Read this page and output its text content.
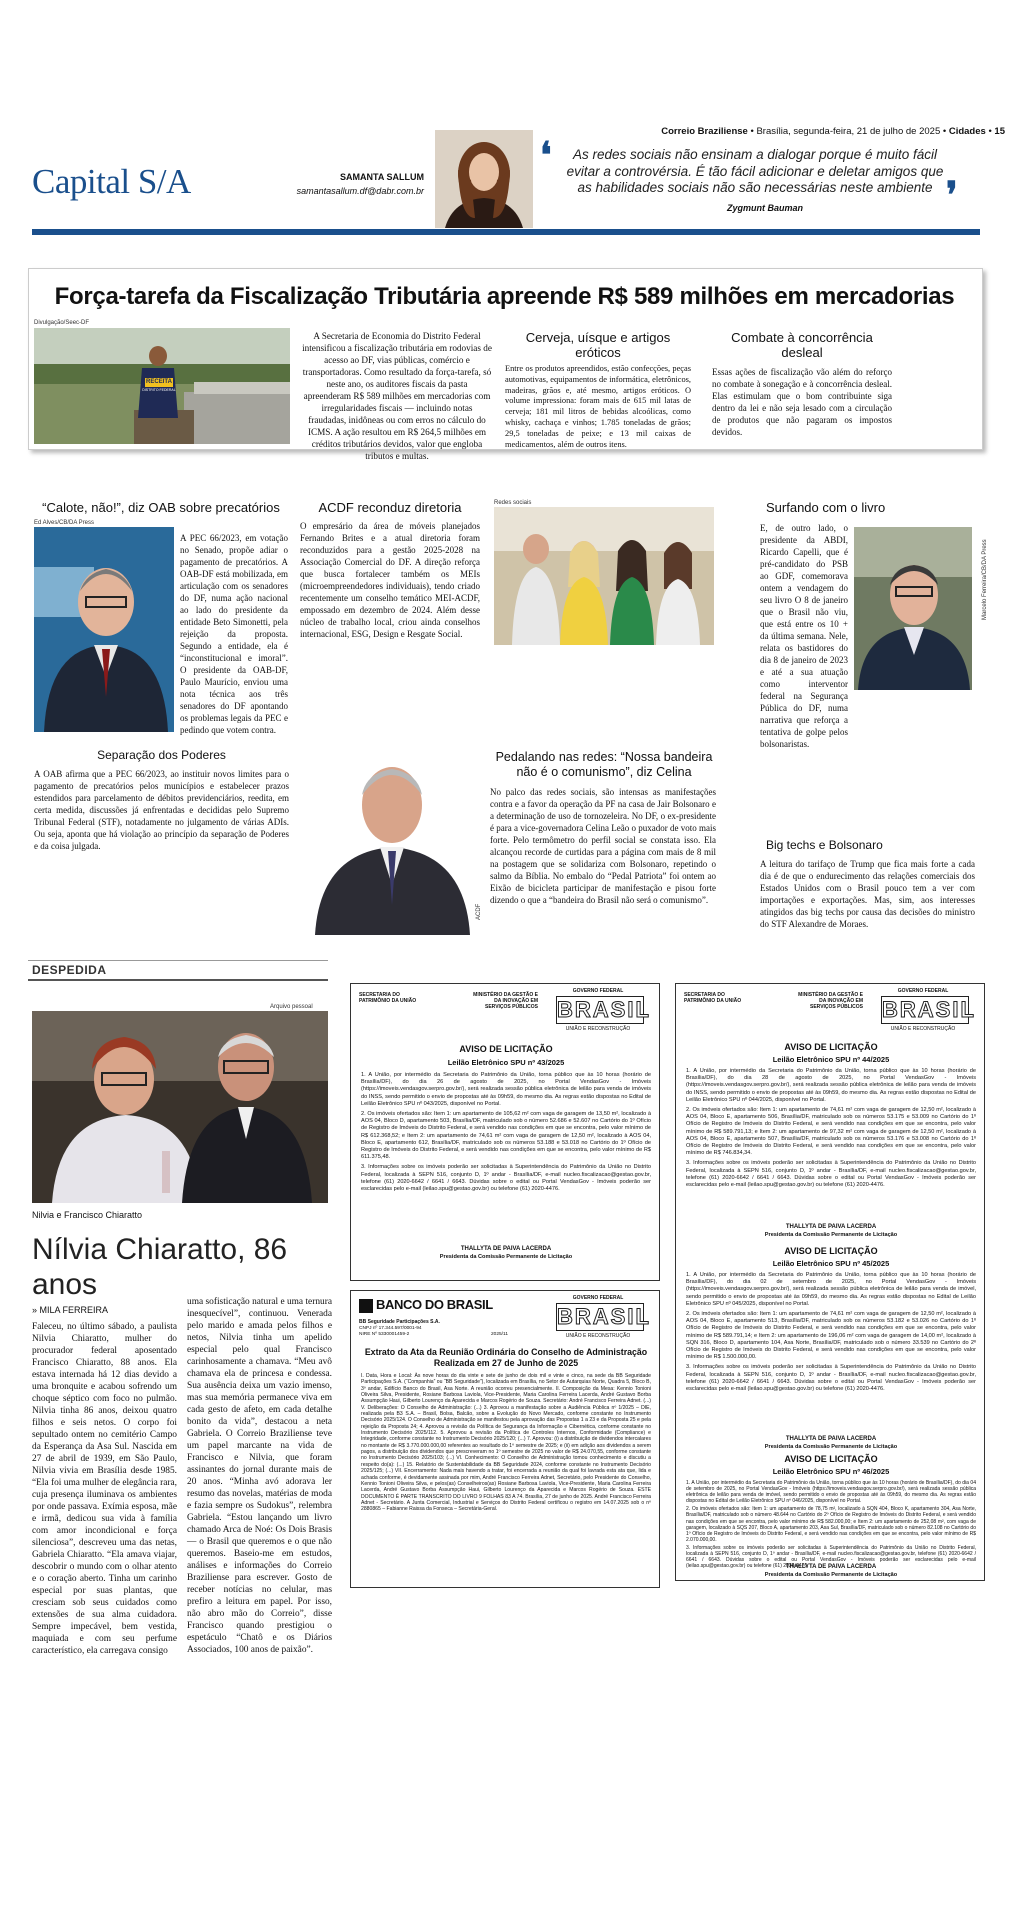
Correio Braziliense • Brasília, segunda-feira, 21 de julho de 2025 • Cidades • 15
Capital S/A	SAMANTA SALLUM
samantasallum.df@dabr.com.br
❛	As redes sociais não ensinam a dialogar porque é muito fácil evitar a controvérsia. É tão fácil adicionar e deletar amigos que as habilidades sociais não são necessárias neste ambiente ❜
Zygmunt Bauman
Força-tarefa da Fiscalização Tributária apreende R$ 589 milhões em mercadorias
Divulgação/Seec-DF
RECEITA
DISTRITO FEDERAL
A Secretaria de Economia do Distrito Federal intensificou a fiscalização tributária em rodovias de acesso ao DF, vias públicas, comércio e transportadoras. Como resultado da força-tarefa, só neste ano, os auditores fiscais da pasta apreenderam R$ 589 milhões em mercadorias com irregularidades fiscais — incluindo notas fraudadas, inidôneas ou com erros no cálculo do ICMS. A ação resultou em R$ 264,5 milhões em créditos tributários devidos, valor que engloba tributos e multas.
Cerveja, uísque e artigos eróticos
Entre os produtos apreendidos, estão confecções, peças automotivas, equipamentos de informática, eletrônicos, madeiras, grãos e, até mesmo, artigos eróticos. O volume impressiona: foram mais de 615 mil latas de cerveja; 181 mil litros de bebidas alcoólicas, como whisky, cachaça e vinhos; 1.785 toneladas de grãos; 29,5 toneladas de peixe; e 13 mil caixas de medicamentos, além de outros itens.
Combate à concorrência desleal
Essas ações de fiscalização vão além do reforço no combate à sonegação e à concorrência desleal. Elas estimulam que o bom contribuinte siga dentro da lei e não seja lesado com a circulação de produtos que não pagaram os impostos devidos.
“Calote, não!”, diz OAB sobre precatórios
Ed Alves/CB/DA Press
A PEC 66/2023, em votação no Senado, propõe adiar o pagamento de precatórios. A OAB-DF está mobilizada, em articulação com os senadores do DF, numa ação nacional ao lado do presidente da entidade Beto Simonetti, pela rejeição da proposta. Segundo a entidade, ela é “inconstitucional e imoral”. O presidente da OAB-DF, Paulo Maurício, enviou uma nota técnica aos três senadores do DF apontando os problemas legais da PEC e pedindo que votem contra.
Separação dos Poderes
A OAB afirma que a PEC 66/2023, ao instituir novos limites para o pagamento de precatórios pelos municípios e estabelecer prazos estendidos para parcelamento de débitos previdenciários, reedita, em certa medida, discussões já enfrentadas e decididas pelo Supremo Tribunal Federal (STF), notadamente no julgamento de várias ADIs. Ou seja, aponta que há violação ao princípio da separação de Poderes e da coisa julgada.
ACDF reconduz diretoria
O empresário da área de móveis planejados Fernando Brites e a atual diretoria foram reconduzidos para a gestão 2025-2028 na Associação Comercial do DF. A direção reforça que busca fortalecer também os MEIs (microempreendedores individuais), tendo criado recentemente um conselho temático MEI-ACDF, empossado em dezembro de 2024. Além desse núcleo de trabalho local, criou ainda conselhos internacional, ESG, Design e Resgate Social.
ACDF
Redes sociais
Pedalando nas redes: “Nossa bandeira não é o comunismo”, diz Celina
No palco das redes sociais, são intensas as manifestações contra e a favor da operação da PF na casa de Jair Bolsonaro e a determinação de uso de tornozeleira. No DF, o ex-presidente é para a vice-governadora Celina Leão o puxador de voto mais forte. Pelo termômetro do perfil social se constata isso. Ela alcançou recorde de curtidas para a página com mais de 8 mil na postagem que se solidariza com Bolsonaro, repetindo o salmo da Bíblia. No embalo do “Pedal Patriota” foi ontem ao Eixão de bicicleta participar de manifestação e pisou forte dizendo o que a “bandeira do Brasil não será o comunismo”.
Surfando com o livro
E, de outro lado, o presidente da ABDI, Ricardo Capelli, que é pré-candidato do PSB ao GDF, comemorava ontem a vendagem do seu livro O 8 de janeiro que o Brasil não viu, que está entre os 10 + da última semana. Nele, relata os bastidores do dia 8 de janeiro de 2023 e até a sua atuação como interventor federal na Segurança Pública do DF, numa narrativa que reforça a tentativa de golpe pelos bolsonaristas.
Marcelo Ferreira/CB/DA Press
Big techs e Bolsonaro
A leitura do tarifaço de Trump que fica mais forte a cada dia é de que o endurecimento das relações comerciais dos Estados Unidos com o Brasil pouco tem a ver com importações e exportações. Mas, sim, aos interesses atingidos das big techs por causa das decisões do ministro do STF Alexandre de Moraes.
DESPEDIDA
Arquivo pessoal
Nilvia e Francisco Chiaratto
Nílvia Chiaratto, 86 anos
» MILA FERREIRA
Faleceu, no último sábado, a paulista Nilvia Chiaratto, mulher do procurador federal aposentado Francisco Chiaratto, 88 anos. Ela estava internada há 12 dias devido a uma bronquite e acabou sofrendo um choque séptico com foco no pulmão. Nilvia tinha 86 anos, deixou quatro filhos e seis netos. O corpo foi sepultado ontem no cemitério Campo da Esperança da Asa Sul. Nascida em 27 de abril de 1939, em São Paulo, Nilvia vivia em Brasília desde 1985. “Ela foi uma mulher de elegância rara, cuja presença iluminava os ambientes por onde passava. Exímia esposa, mãe e irmã, dedicou sua vida à família com amor incondicional e força silenciosa”, descreveu uma das netas, Gabriela Chiaratto. “Ela amava viajar, descobrir o mundo com o olhar atento e o coração aberto. Tinha um carinho especial por suas plantas, que cresciam sob seus cuidados como extensões de sua alma cuidadora. Sempre impecável, bem vestida, maquiada e com seu perfume característico, ela carregava consigo
uma sofisticação natural e uma ternura inesquecível”, continuou. Venerada pelo marido e amada pelos filhos e netos, Nilvia tinha um apelido especial pelo qual Francisco carinhosamente a chamava. “Meu avô chamava ela de princesa e condessa. Sua ausência deixa um vazio imenso, mas sua memória permanece viva em cada gesto de afeto, em cada detalhe bonito da vida”, destacou a neta Gabriela. O Correio Braziliense teve um papel marcante na vida de Francisco e Nilvia, que foram assinantes do jornal durante mais de 20 anos. “Minha avó adorava ler resumo das novelas, matérias de moda e fazia sempre os Sudokus”, relembra Gabriela. “Estou lançando um livro chamado Arca de Noé: Os Dois Brasis — o Brasil que queremos e o que não queremos. Baseio-me em estudos, análises e informações do Correio Braziliense para escrever. Gosto de receber notícias no celular, mas prefiro a leitura em papel. Por isso, não abro mão do Correio”, disse Francisco quando prestigiou o espetáculo “Chatô e os Diários Associados, 100 anos de paixão”.
SECRETARIA DO PATRIMÔNIO DA UNIÃO
MINISTÉRIO DA GESTÃO E DA INOVAÇÃO EM SERVIÇOS PÚBLICOS
GOVERNO FEDERAL
BRASIL
UNIÃO E RECONSTRUÇÃO
AVISO DE LICITAÇÃO
Leilão Eletrônico SPU nº 43/2025

1. A União, por intermédio da Secretaria do Patrimônio da União, torna público que às 10 horas (horário de Brasília/DF), do dia 26 de agosto de 2025, no Portal VendasGov - Imóveis (https://imoveis.vendasgov.serpro.gov.br/), será realizada sessão pública eletrônica de leilão para venda de imóveis do INSS, sendo permitido o envio de propostas até às 09h59, do mesmo dia. As regras estão dispostas no Edital de Leilão Eletrônico SPU nº 043/2025, disponível no Portal.

2. Os imóveis ofertados são: Item 1: um apartamento de 105,62 m² com vaga de garagem de 13,50 m², localizado à AOS 04, Bloco D, apartamento 503, Brasília/DF, matriculado sob o número 52.686 e 52.607 no Cartório do 1º Ofício de Registro de Imóveis do Distrito Federal, e será vendido nas condições em que se encontra, pelo valor mínimo de R$ 612.368,52; e Item 2: um apartamento de 74,61 m² com vaga de garagem de 12,50 m², localizado à AOS 04, Bloco E, apartamento 612, Brasília/DF, matriculado sob os números 53.188 e 53.018 no Cartório do 1º Ofício de Registro de Imóveis do Distrito Federal, e será vendido nas condições em que se encontra, pelo valor mínimo de R$ 611.375,48.

3. Informações sobre os imóveis poderão ser solicitadas à Superintendência do Patrimônio da União no Distrito Federal, localizada à SEPN 516, conjunto D, 1º andar - Brasília/DF, e-mail nucleo.fiscalizacao@gestao.gov.br, telefone (61) 2020-6642 / 6641 / 6643. Dúvidas sobre o edital ou Portal VendasGov - Imóveis poderão ser esclarecidas pelo e-mail (leilao.spu@gestao.gov.br) ou telefone (61) 2020-4476.

THALLYTA DE PAIVA LACERDA
Presidenta da Comissão Permanente de Licitação
BANCO DO BRASIL
BB Seguridade Participações S.A.
CNPJ nº 17.344.597/0001-94
NIRE Nº 5330001459-2	2025/11
GOVERNO FEDERAL
BRASIL
UNIÃO E RECONSTRUÇÃO
Extrato da Ata da Reunião Ordinária do Conselho de Administração Realizada em 27 de Junho de 2025

I. Data, Hora e Local: Às nove horas do dia vinte e sete de junho de dois mil e vinte e cinco, na sede da BB Seguridade Participações S.A. (“Companhia” ou “BB Seguridade”), localizada em Brasília, no Setor de Autarquias Norte, Quadra 5, Bloco B, 3º andar, Edifício Banco do Brasil, Asa Norte. A reunião ocorreu presencialmente. II. Composição da Mesa: Kennio Tonioni Oliveira Silva, Presidente, Rosiane Barbosa Laviola, Vice-Presidente, Maria Carolina Ferreira Lacerda, André Gustavo Borba Assumpção Haui, Gilberto Lourenço da Aparecida e Marcos Rogério de Souza. Secretário: André Francisco Ferreira Adnet. (...) V. Deliberações: O Conselho de Administração: (...) 3. Aprovou a manifestação sobre a Audiência Pública nº 1/2025 – DIE, realizada pela B3 S.A. – Brasil, Bolsa, Balcão, sobre a Evolução do Novo Mercado, conforme constante no Instrumento Decisório 2025/124. O Conselho de Administração se manifestou pela aprovação das Propostas 1 a 23 e da Proposta 25 e pela rejeição da Proposta 24; 4. Aprovou a revisão da Política de Segurança da Informação e Cibernética, conforme constante no Instrumento Decisório 2025/112. 5. Aprovou a revisão da Política de Controles Internos, Conformidade (Compliance) e Integridade, conforme constante no Instrumento Decisório 2025/120; (...) 7. Aprovou: (i) a distribuição de dividendos intercalares no montante de R$ 3.770.000.000,00 referentes ao resultado do 1º semestre de 2025; e (ii) em adição aos dividendos a serem pagos, a distribuição dos dividendos que prescreveram no 1º semestre de 2025 no valor de R$ 24.070,55, conforme constante no Instrumento Decisório 2025/103; (...) VI. Conhecimento: O Conselho de Administração tomou conhecimento e discutiu a respeito do(a): (...) 15. Relatório de Sustentabilidade da BB Seguridade 2024, conforme constante no Instrumento Decisório 2025/125; (...) VII. Encerramento: Nada mais havendo a tratar, foi encerrada a reunião da qual foi lavrada esta ata que, lida e achada conforme, é devidamente assinada por mim, André Francisco Ferreira Adnet, Secretário, pelo Presidente do Conselho, Kennio Tonioni Oliveira Silva, e pelos(as) Conselheiros(as) Rosiane Barbosa Laviola, Vice-Presidente, Maria Carolina Ferreira Lacerda, André Gustavo Borba Assumpção Haui, Gilberto Lourenço da Aparecida e Marcos Rogério de Souza. ESTE DOCUMENTO É PARTE TRANSCRITO DO LIVRO 9 FOLHAS 83 A 74. Brasília, 27 de junho de 2025. André Francisco Ferreira Adnet - Secretário. A Junta Comercial, Industrial e Serviços do Distrito Federal certificou o registro em 14.07.2025 sob o nº 2880865 – Fabianne Raissa da Fonseca – Secretária-Geral.

SECRETARIA DO PATRIMÔNIO DA UNIÃO
MINISTÉRIO DA GESTÃO E DA INOVAÇÃO EM SERVIÇOS PÚBLICOS
GOVERNO FEDERAL
BRASIL
UNIÃO E RECONSTRUÇÃO
AVISO DE LICITAÇÃO
Leilão Eletrônico SPU nº 44/2025

1. A União, por intermédio da Secretaria do Patrimônio da União, torna público que às 10 horas (horário de Brasília/DF), do dia 28 de agosto de 2025, no Portal VendasGov - Imóveis (https://imoveis.vendasgov.serpro.gov.br/), será realizada sessão pública eletrônica de leilão para venda de imóveis do INSS, sendo permitido o envio de propostas até às 09h59, do mesmo dia. As regras estão dispostas no Edital de Leilão Eletrônico SPU nº 044/2025, disponível no Portal.

2. Os imóveis ofertados são: Item 1: um apartamento de 74,61 m² com vaga de garagem de 12,50 m², localizado à AOS 04, Bloco E, apartamento 506, Brasília/DF, matriculado sob os números 53.175 e 53.009 no Cartório do 1º Ofício de Registro de Imóveis do Distrito Federal, e será vendido nas condições em que se encontra, pelo valor mínimo de R$ 589.791,13; e Item 2: um apartamento de 97,32 m² com vaga de garagem de 12,50 m², localizado à AOS 04, Bloco E, apartamento 507, Brasília/DF, matriculado sob os números 53.176 e 53.008 no Cartório do 1º Ofício de Registro de Imóveis do Distrito Federal, e será vendido nas condições em que se encontra, pelo valor mínimo de R$ 746.834,34.

3. Informações sobre os imóveis poderão ser solicitadas à Superintendência do Patrimônio da União no Distrito Federal, localizada à SEPN 516, conjunto D, 1º andar - Brasília/DF, e-mail nucleo.fiscalizacao@gestao.gov.br, telefone (61) 2020-6642 / 6641 / 6643. Dúvidas sobre o edital ou Portal VendasGov - Imóveis poderão ser esclarecidas pelo e-mail (leilao.spu@gestao.gov.br) ou telefone (61) 2020-4476.

THALLYTA DE PAIVA LACERDA
Presidenta da Comissão Permanente de Licitação
AVISO DE LICITAÇÃO
Leilão Eletrônico SPU nº 45/2025

1. A União, por intermédio da Secretaria do Patrimônio da União, torna público que às 10 horas (horário de Brasília/DF), do dia 02 de setembro de 2025, no Portal VendasGov - Imóveis (https://imoveis.vendasgov.serpro.gov.br/), será realizada sessão pública eletrônica de leilão para venda de imóvel, sendo permitido o envio de propostas até às 09h59, do mesmo dia. As regras estão dispostas no Edital de Leilão Eletrônico SPU nº 045/2025, disponível no Portal.

2. Os imóveis ofertados são: Item 1: um apartamento de 74,61 m² com vaga de garagem de 12,50 m², localizado à AOS 04, Bloco E, apartamento 513, Brasília/DF, matriculado sob os números 53.182 e 53.026 no Cartório do 1º Ofício de Registro de Imóveis do Distrito Federal, e será vendido nas condições em que se encontra, pelo valor mínimo de R$ 589.791,14; e Item 2: um apartamento de 196,06 m² com vaga de garagem de 14,00 m², localizado à SQN 316, Bloco D, apartamento 104, Asa Norte, Brasília/DF, matriculado sob o número 33.539 no Cartório do 2º Ofício de Registro de Imóveis do Distrito Federal, e será vendido nas condições em que se encontra, pelo valor mínimo de R$ 1.500.000,00.

3. Informações sobre os imóveis poderão ser solicitadas à Superintendência do Patrimônio da União no Distrito Federal, localizada à SEPN 516, conjunto D, 1º andar - Brasília/DF, e-mail nucleo.fiscalizacao@gestao.gov.br, telefone (61) 2020-6642 / 6641 / 6643. Dúvidas sobre o edital ou Portal VendasGov - Imóveis poderão ser esclarecidas pelo e-mail (leilao.spu@gestao.gov.br) ou telefone (61) 2020-4476.

THALLYTA DE PAIVA LACERDA
Presidenta da Comissão Permanente de Licitação
AVISO DE LICITAÇÃO
Leilão Eletrônico SPU nº 46/2025

1. A União, por intermédio da Secretaria do Patrimônio da União, torna público que às 10 horas (horário de Brasília/DF), do dia 04 de setembro de 2025, no Portal VendasGov - Imóveis (https://imoveis.vendasgov.serpro.gov.br/), será realizada sessão pública eletrônica de leilão para venda de imóvel, sendo permitido o envio de propostas até às 09h59, do mesmo dia. As regras estão dispostas no Edital de Leilão Eletrônico SPU nº 046/2025, disponível no Portal.

2. Os imóveis ofertados são: Item 1: um apartamento de 78,75 m², localizado à SQN 404, Bloco K, apartamento 304, Asa Norte, Brasília/DF, matriculado sob o número 48.644 no Cartório do 2º Ofício de Registro de Imóveis do Distrito Federal, e será vendido nas condições em que se encontra, pelo valor mínimo de R$ 582.000,00; e Item 2: um apartamento de 252,08 m², com vaga de garagem, localizado à SQS 207, Bloco A, apartamento 203, Asa Sul, Brasília/DF, matriculado sob o número 82.108 no Cartório do 1º Ofício de Registro de Imóveis do Distrito Federal, e será vendido nas condições em que se encontra, pelo valor mínimo de R$ 2.070.000,00.

3. Informações sobre os imóveis poderão ser solicitadas à Superintendência do Patrimônio da União no Distrito Federal, localizada à SEPN 516, conjunto D, 1º andar - Brasília/DF, e-mail nucleo.fiscalizacao@gestao.gov.br, telefone (61) 2020-6642 / 6641 / 6643. Dúvidas sobre o edital ou Portal VendasGov - Imóveis poderão ser esclarecidas pelo e-mail (leilao.spu@gestao.gov.br) ou telefone (61) 2020-4476.

THALLYTA DE PAIVA LACERDA
Presidenta da Comissão Permanente de Licitação
